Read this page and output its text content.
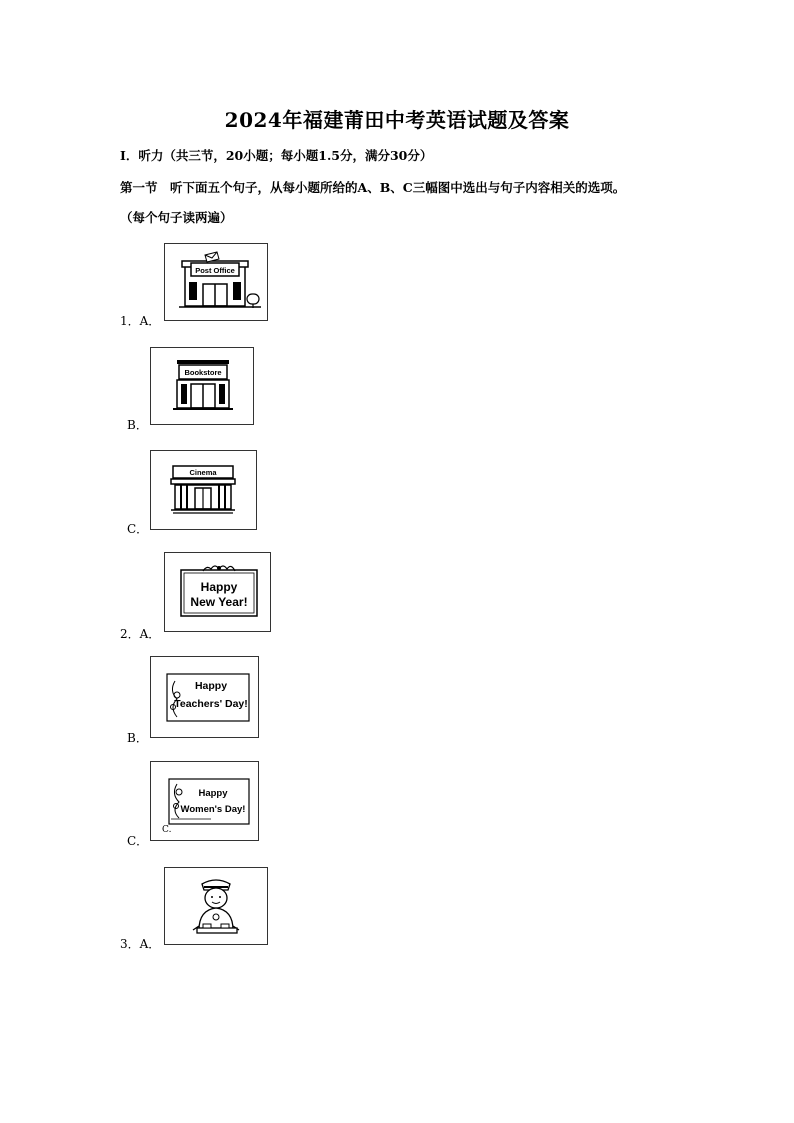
2024年福建莆田中考英语试题及答案
Ⅰ．听力（共三节，20小题；每小题1.5分，满分30分）
第一节　听下面五个句子，从每小题所给的A、B、C三幅图中选出与句子内容相关的选项。
（每个句子读两遍）
1．A．
Post Office
B．
Bookstore
C．
Cinema
2．A．
Happy
New Year!
B．
Happy
Teachers' Day!
C．
Happy
Women's Day!
C.
3．A．
